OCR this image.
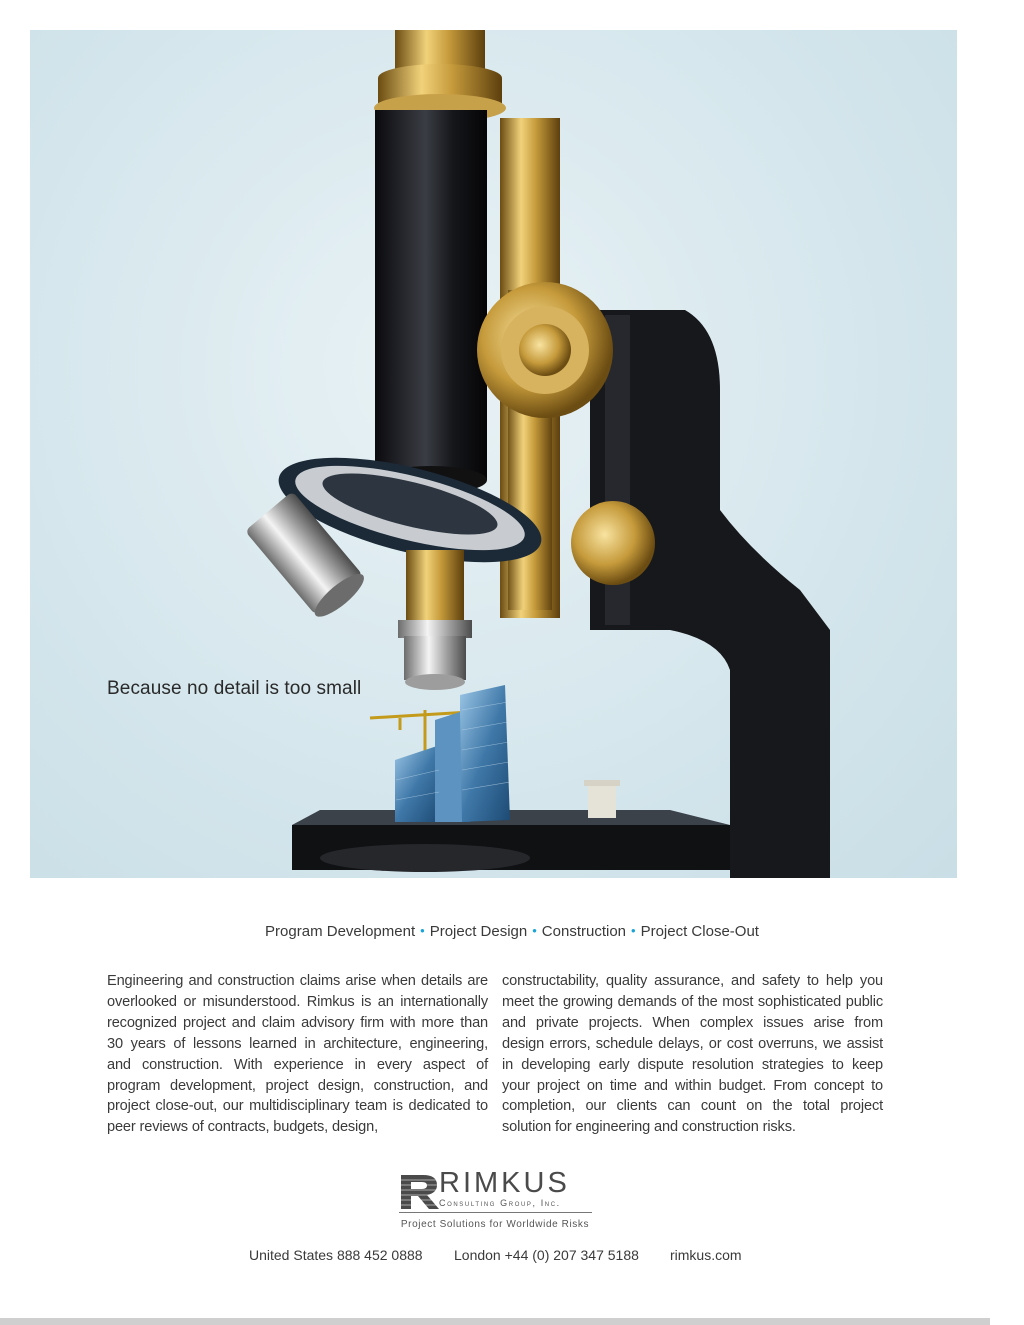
Because no detail is too small
Program Development • Project Design • Construction • Project Close-Out
Engineering and construction claims arise when details are overlooked or misunderstood. Rimkus is an internationally recognized project and claim advisory firm with more than 30 years of lessons learned in architecture, engineering, and construction. With experience in every aspect of program development, project design, construction, and project close-out, our multidisciplinary team is dedicated to peer reviews of contracts, budgets, design,
constructability, quality assurance, and safety to help you meet the growing demands of the most sophisticated public and private projects. When complex issues arise from design errors, schedule delays, or cost overruns, we assist in developing early dispute resolution strategies to keep your project on time and within budget. From concept to completion, our clients can count on the total project solution for engineering and construction risks.
RIMKUS
Consulting Group, Inc.
Project Solutions for Worldwide Risks
United States 888 452 0888 London +44 (0) 207 347 5188 rimkus.com
